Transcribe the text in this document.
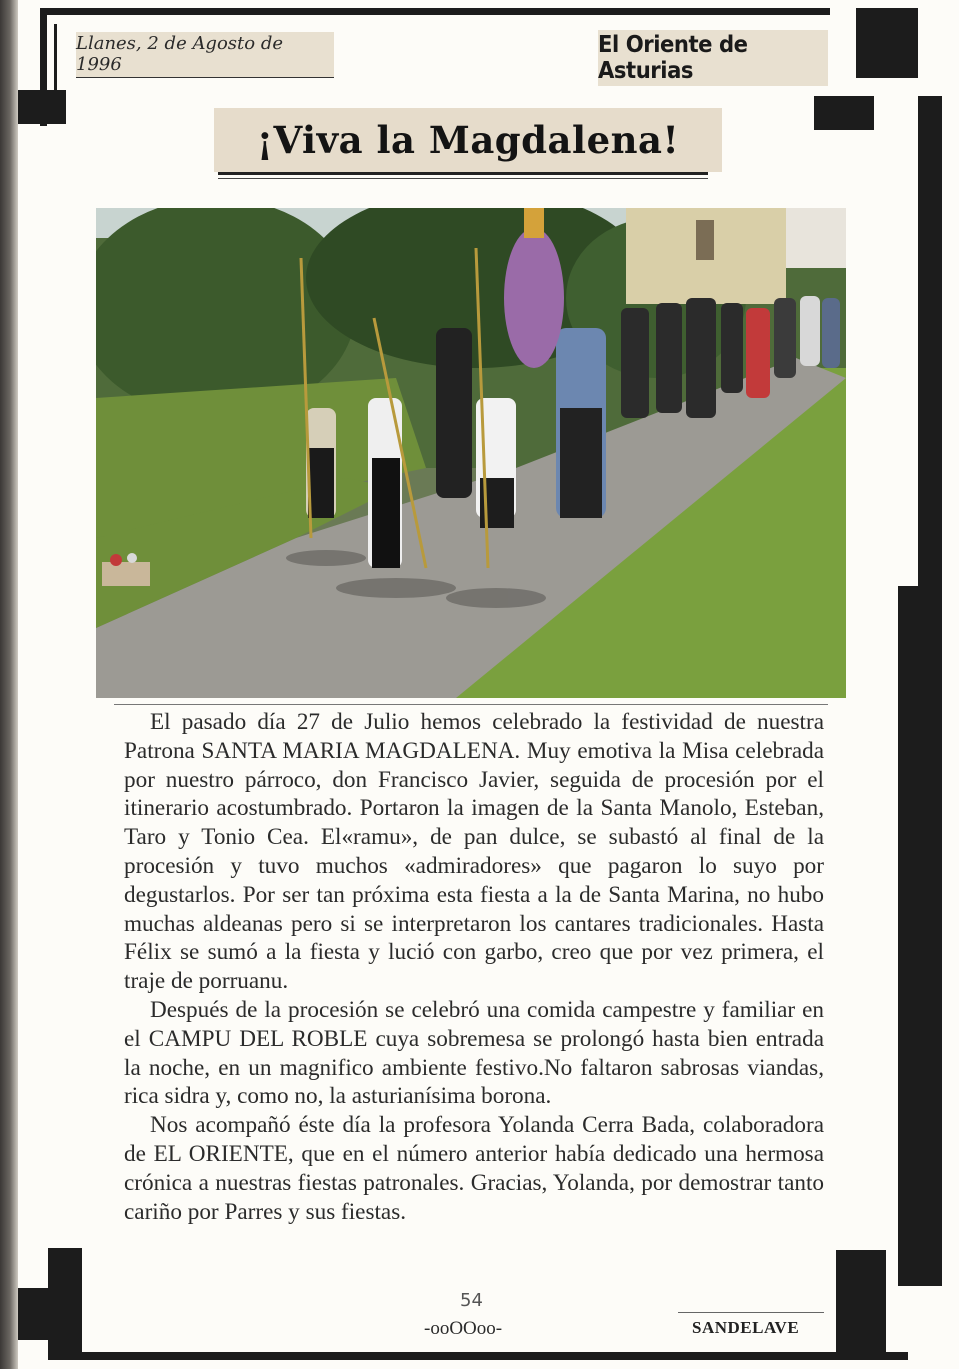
Llanes, 2 de Agosto de 1996
El Oriente de Asturias
¡Viva la Magdalena!

El pasado día 27 de Julio hemos celebrado la festividad de nuestra Patrona SANTA MARIA MAGDALENA. Muy emotiva la Misa celebrada por nuestro párroco, don Francisco Javier, seguida de procesión por el itinerario acostumbrado. Portaron la imagen de la Santa Manolo, Esteban, Taro y Tonio Cea. El«ramu», de pan dulce, se subastó al final de la procesión y tuvo muchos «admiradores» que pagaron lo suyo por degustarlos. Por ser tan próxima esta fiesta a la de Santa Marina, no hubo muchas aldeanas pero si se interpretaron los cantares tradicionales. Hasta Félix se sumó a la fiesta y lució con garbo, creo que por vez primera, el traje de porruanu.

Después de la procesión se celebró una comida campestre y familiar en el CAMPU DEL ROBLE cuya sobremesa se prolongó hasta bien entrada la noche, en un magnifico ambiente festivo.No faltaron sabrosas viandas, rica sidra y, como no, la asturianísima borona.

Nos acompañó éste día la profesora Yolanda Cerra Bada, colaboradora de EL ORIENTE, que en el número anterior había dedicado una hermosa crónica a nuestras fiestas patronales. Gracias, Yolanda, por demostrar tanto cariño por Parres y sus fiestas.

54
-ooOOoo-	SANDELAVE
